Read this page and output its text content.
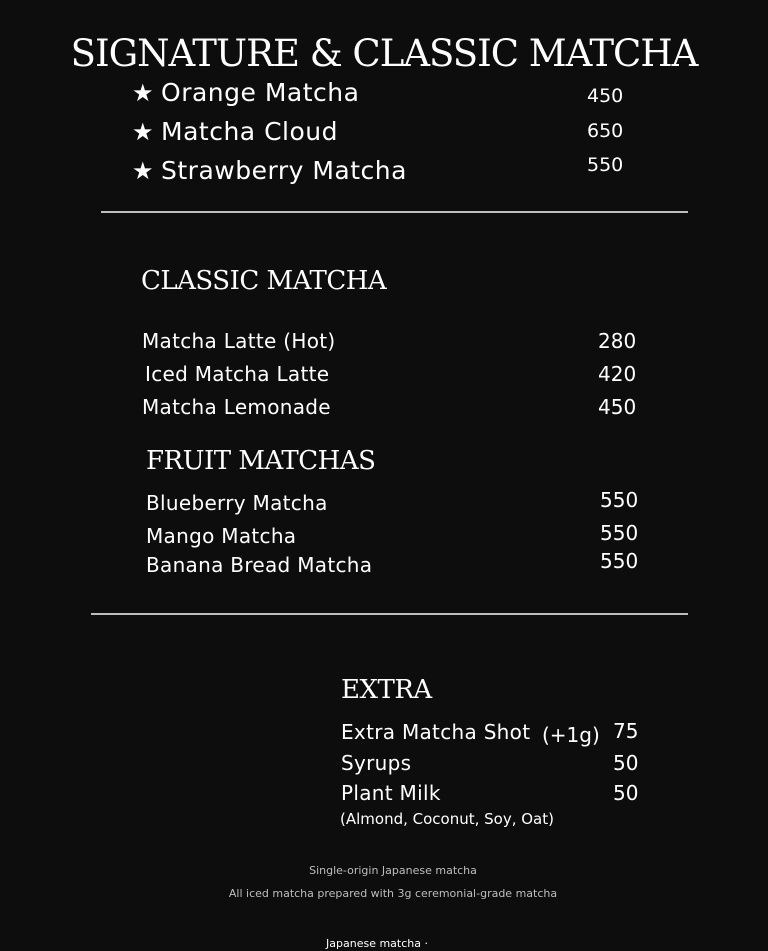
SIGNATURE & CLASSIC MATCHA
★ Orange Matcha	450
★ Matcha Cloud	650
★ Strawberry Matcha	550
CLASSIC MATCHA
Matcha Latte (Hot)	280
Iced Matcha Latte	420
Matcha Lemonade	450
FRUIT MATCHAS
Blueberry Matcha	550
Mango Matcha	550
Banana Bread Matcha	550
EXTRA
Extra Matcha Shot (+1g) 75
Syrups	50
Plant Milk	50
(Almond, Coconut, Soy, Oat)
Single-origin Japanese matcha
All iced matcha prepared with 3g ceremonial-grade matcha
Japanese matcha ·
